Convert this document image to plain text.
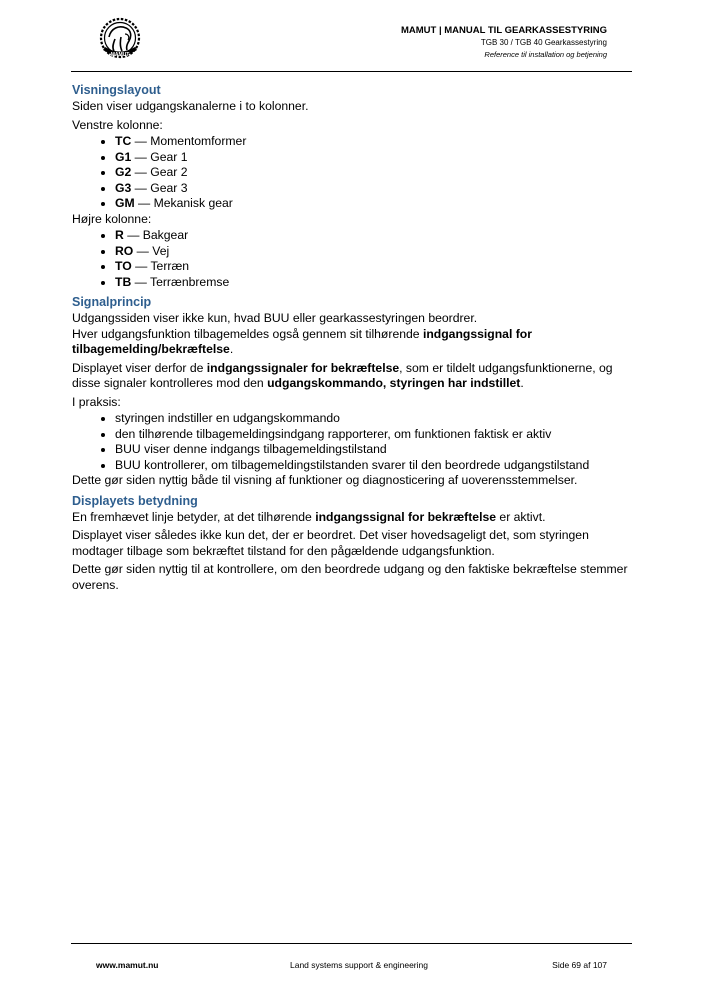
MAMUT
MAMUT | MANUAL TIL GEARKASSESTYRING
TGB 30 / TGB 40 Gearkassestyring
Reference til installation og betjening
Visningslayout

Siden viser udgangskanalerne i to kolonner.

Venstre kolonne:

• TC — Momentomformer
• G1 — Gear 1
• G2 — Gear 2
• G3 — Gear 3
• GM — Mekanisk gear

Højre kolonne:

• R — Bakgear
• RO — Vej
• TO — Terræn
• TB — Terrænbremse
Signalprincip

Udgangssiden viser ikke kun, hvad BUU eller gearkassestyringen beordrer.
Hver udgangsfunktion tilbagemeldes også gennem sit tilhørende indgangssignal for tilbagemelding/bekræftelse.

Displayet viser derfor de indgangssignaler for bekræftelse, som er tildelt udgangsfunktionerne, og disse signaler kontrolleres mod den udgangskommando, styringen har indstillet.

I praksis:

• styringen indstiller en udgangskommando
• den tilhørende tilbagemeldingsindgang rapporterer, om funktionen faktisk er aktiv
• BUU viser denne indgangs tilbagemeldingstilstand
• BUU kontrollerer, om tilbagemeldingstilstanden svarer til den beordrede udgangstilstand

Dette gør siden nyttig både til visning af funktioner og diagnosticering af uoverensstemmelser.

Displayets betydning

En fremhævet linje betyder, at det tilhørende indgangssignal for bekræftelse er aktivt.

Displayet viser således ikke kun det, der er beordret. Det viser hovedsageligt det, som styringen modtager tilbage som bekræftet tilstand for den pågældende udgangsfunktion.

Dette gør siden nyttig til at kontrollere, om den beordrede udgang og den faktiske bekræftelse stemmer overens.

www.mamut.nu	Land systems support & engineering	Side 69 af 107
